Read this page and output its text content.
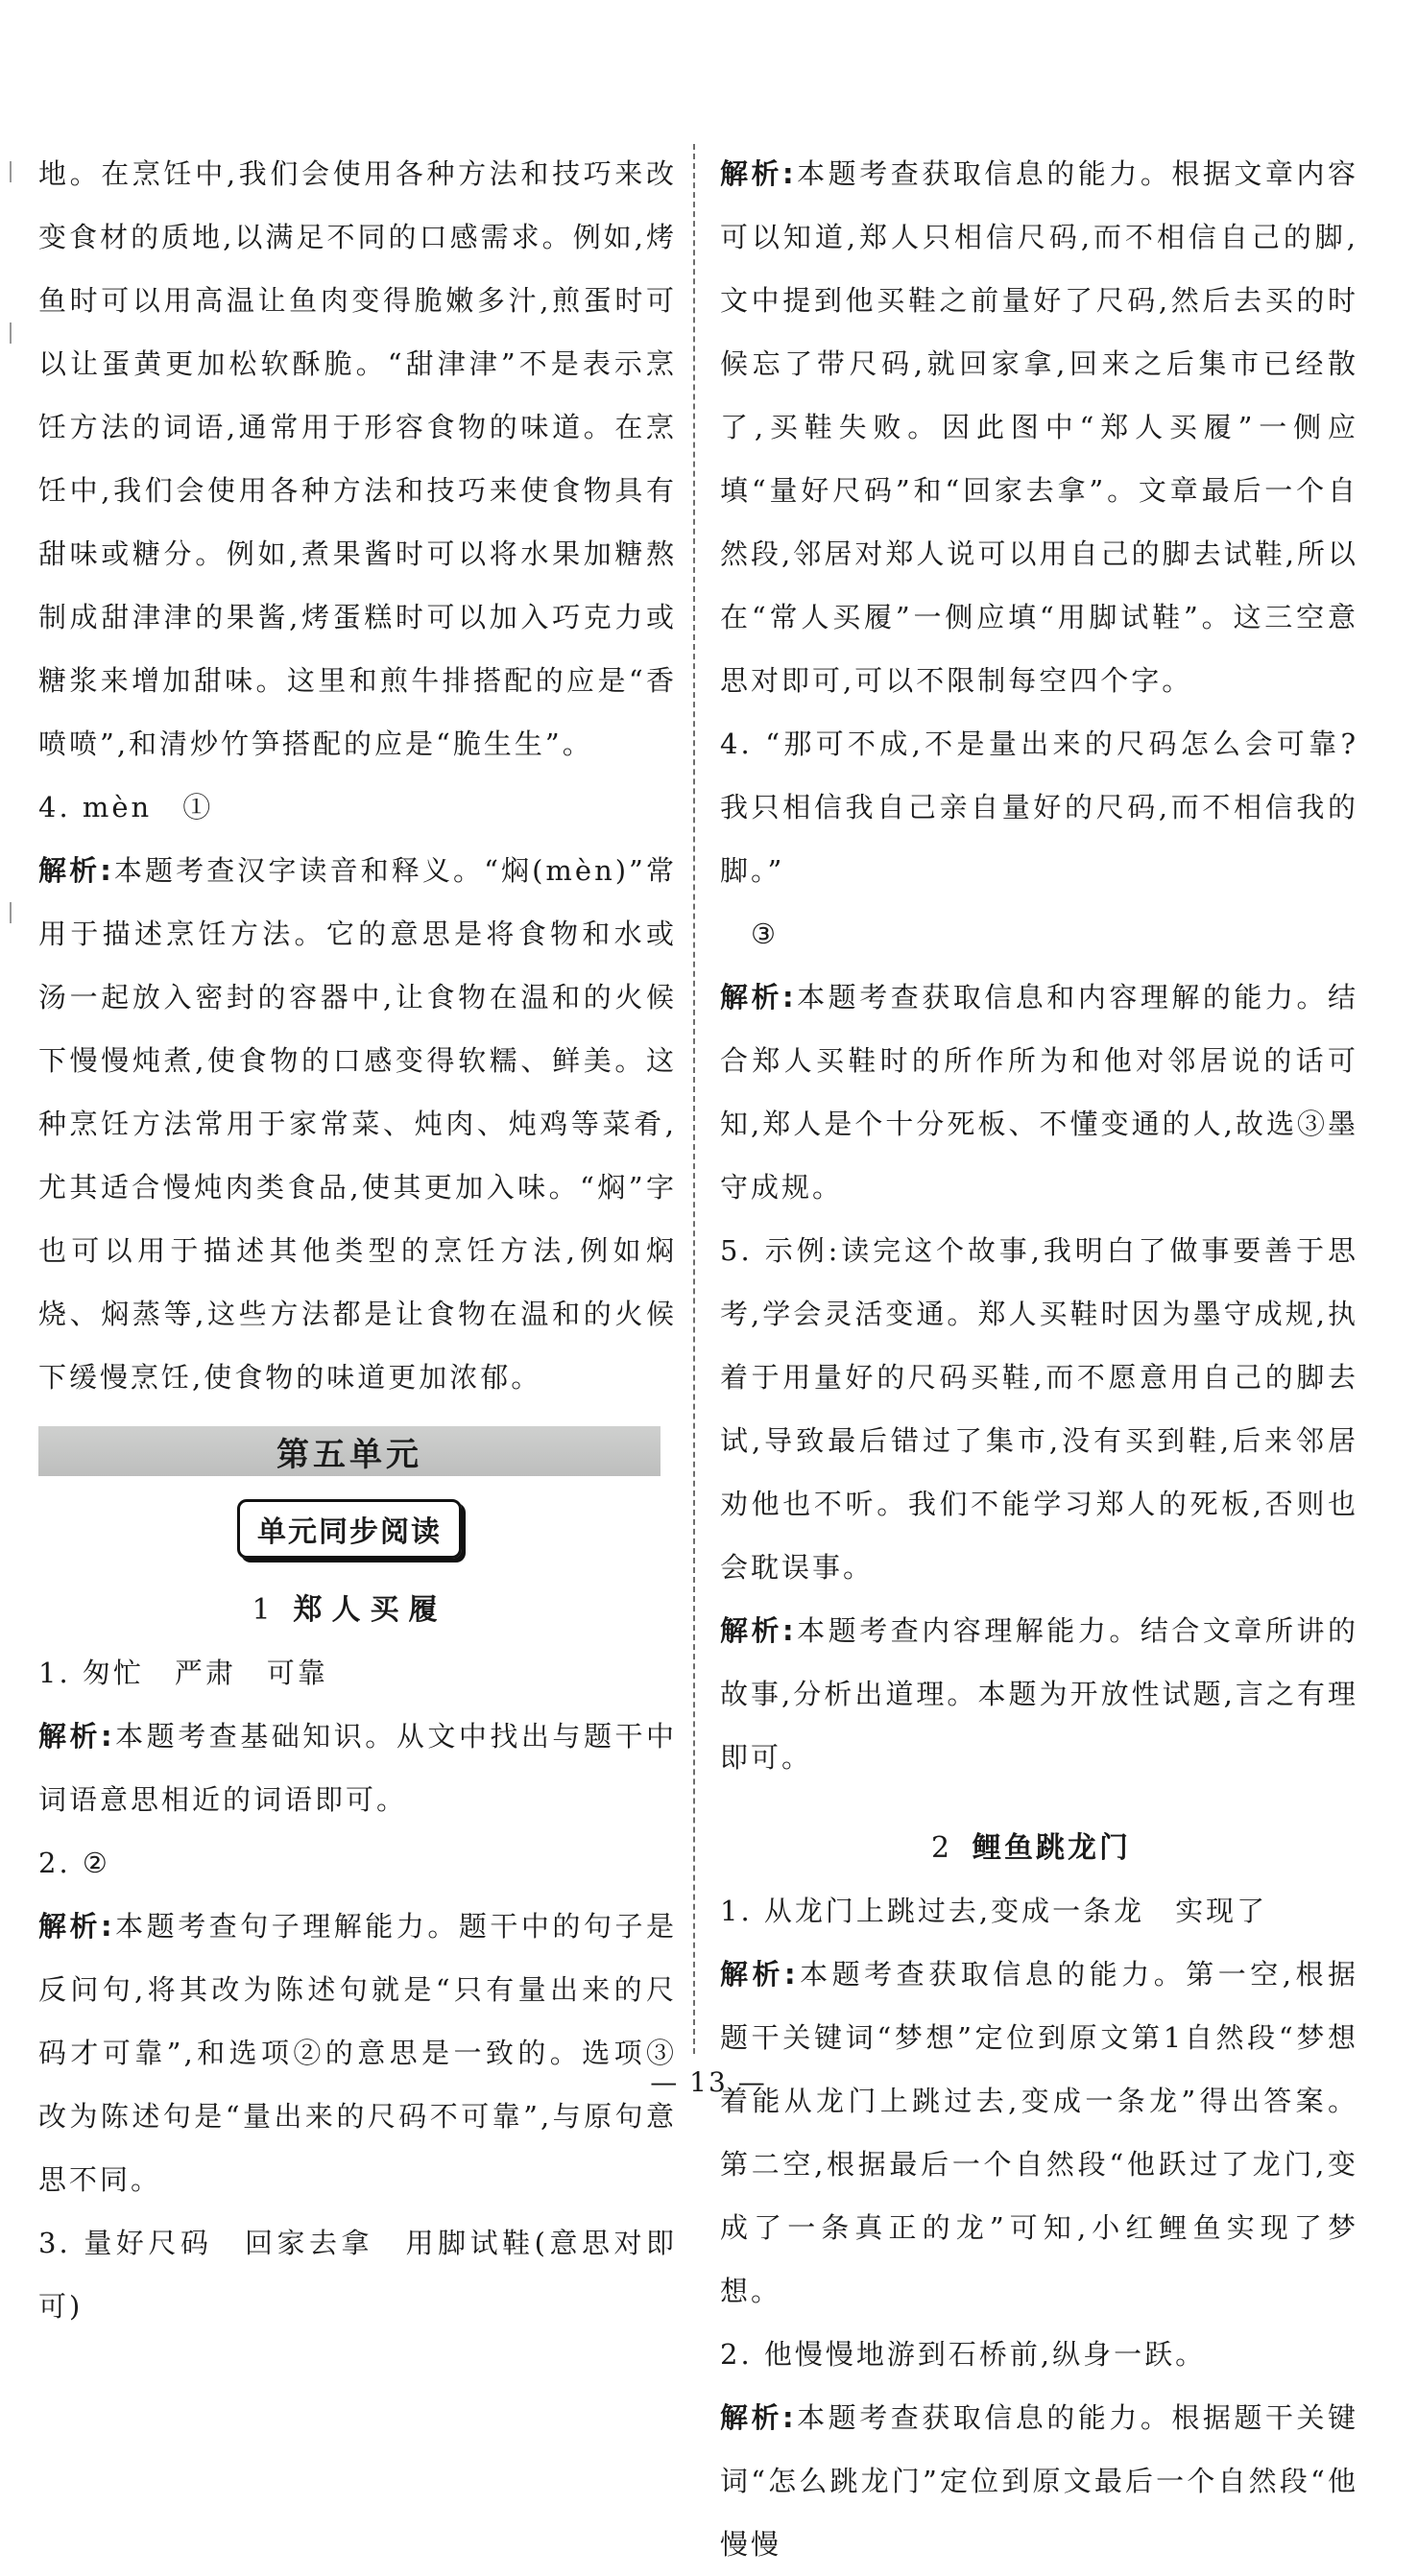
地。在烹饪中,我们会使用各种方法和技巧来改变食材的质地,以满足不同的口感需求。例如,烤鱼时可以用高温让鱼肉变得脆嫩多汁,煎蛋时可以让蛋黄更加松软酥脆。“甜津津”不是表示烹饪方法的词语,通常用于形容食物的味道。在烹饪中,我们会使用各种方法和技巧来使食物具有甜味或糖分。例如,煮果酱时可以将水果加糖熬制成甜津津的果酱,烤蛋糕时可以加入巧克力或糖浆来增加甜味。这里和煎牛排搭配的应是“香喷喷”,和清炒竹笋搭配的应是“脆生生”。

4. mèn　①

解析:本题考查汉字读音和释义。“焖(mèn)”常用于描述烹饪方法。它的意思是将食物和水或汤一起放入密封的容器中,让食物在温和的火候下慢慢炖煮,使食物的口感变得软糯、鲜美。这种烹饪方法常用于家常菜、炖肉、炖鸡等菜肴,尤其适合慢炖肉类食品,使其更加入味。“焖”字也可以用于描述其他类型的烹饪方法,例如焖烧、焖蒸等,这些方法都是让食物在温和的火候下缓慢烹饪,使食物的味道更加浓郁。

第五单元
单元同步阅读
1 郑人买履

1. 匆忙　严肃　可靠

解析:本题考查基础知识。从文中找出与题干中词语意思相近的词语即可。

2. ②

解析:本题考查句子理解能力。题干中的句子是反问句,将其改为陈述句就是“只有量出来的尺码才可靠”,和选项②的意思是一致的。选项③改为陈述句是“量出来的尺码不可靠”,与原句意思不同。

3. 量好尺码　回家去拿　用脚试鞋(意思对即可)

解析:本题考查获取信息的能力。根据文章内容可以知道,郑人只相信尺码,而不相信自己的脚,文中提到他买鞋之前量好了尺码,然后去买的时候忘了带尺码,就回家拿,回来之后集市已经散了,买鞋失败。因此图中“郑人买履”一侧应填“量好尺码”和“回家去拿”。文章最后一个自然段,邻居对郑人说可以用自己的脚去试鞋,所以在“常人买履”一侧应填“用脚试鞋”。这三空意思对即可,可以不限制每空四个字。

4. “那可不成,不是量出来的尺码怎么会可靠?我只相信我自己亲自量好的尺码,而不相信我的脚。”

③

解析:本题考查获取信息和内容理解的能力。结合郑人买鞋时的所作所为和他对邻居说的话可知,郑人是个十分死板、不懂变通的人,故选③墨守成规。

5. 示例:读完这个故事,我明白了做事要善于思考,学会灵活变通。郑人买鞋时因为墨守成规,执着于用量好的尺码买鞋,而不愿意用自己的脚去试,导致最后错过了集市,没有买到鞋,后来邻居劝他也不听。我们不能学习郑人的死板,否则也会耽误事。

解析:本题考查内容理解能力。结合文章所讲的故事,分析出道理。本题为开放性试题,言之有理即可。

2 鲤鱼跳龙门

1. 从龙门上跳过去,变成一条龙　实现了

解析:本题考查获取信息的能力。第一空,根据题干关键词“梦想”定位到原文第1自然段“梦想着能从龙门上跳过去,变成一条龙”得出答案。第二空,根据最后一个自然段“他跃过了龙门,变成了一条真正的龙”可知,小红鲤鱼实现了梦想。

2. 他慢慢地游到石桥前,纵身一跃。

解析:本题考查获取信息的能力。根据题干关键词“怎么跳龙门”定位到原文最后一个自然段“他慢慢

— 13 —
